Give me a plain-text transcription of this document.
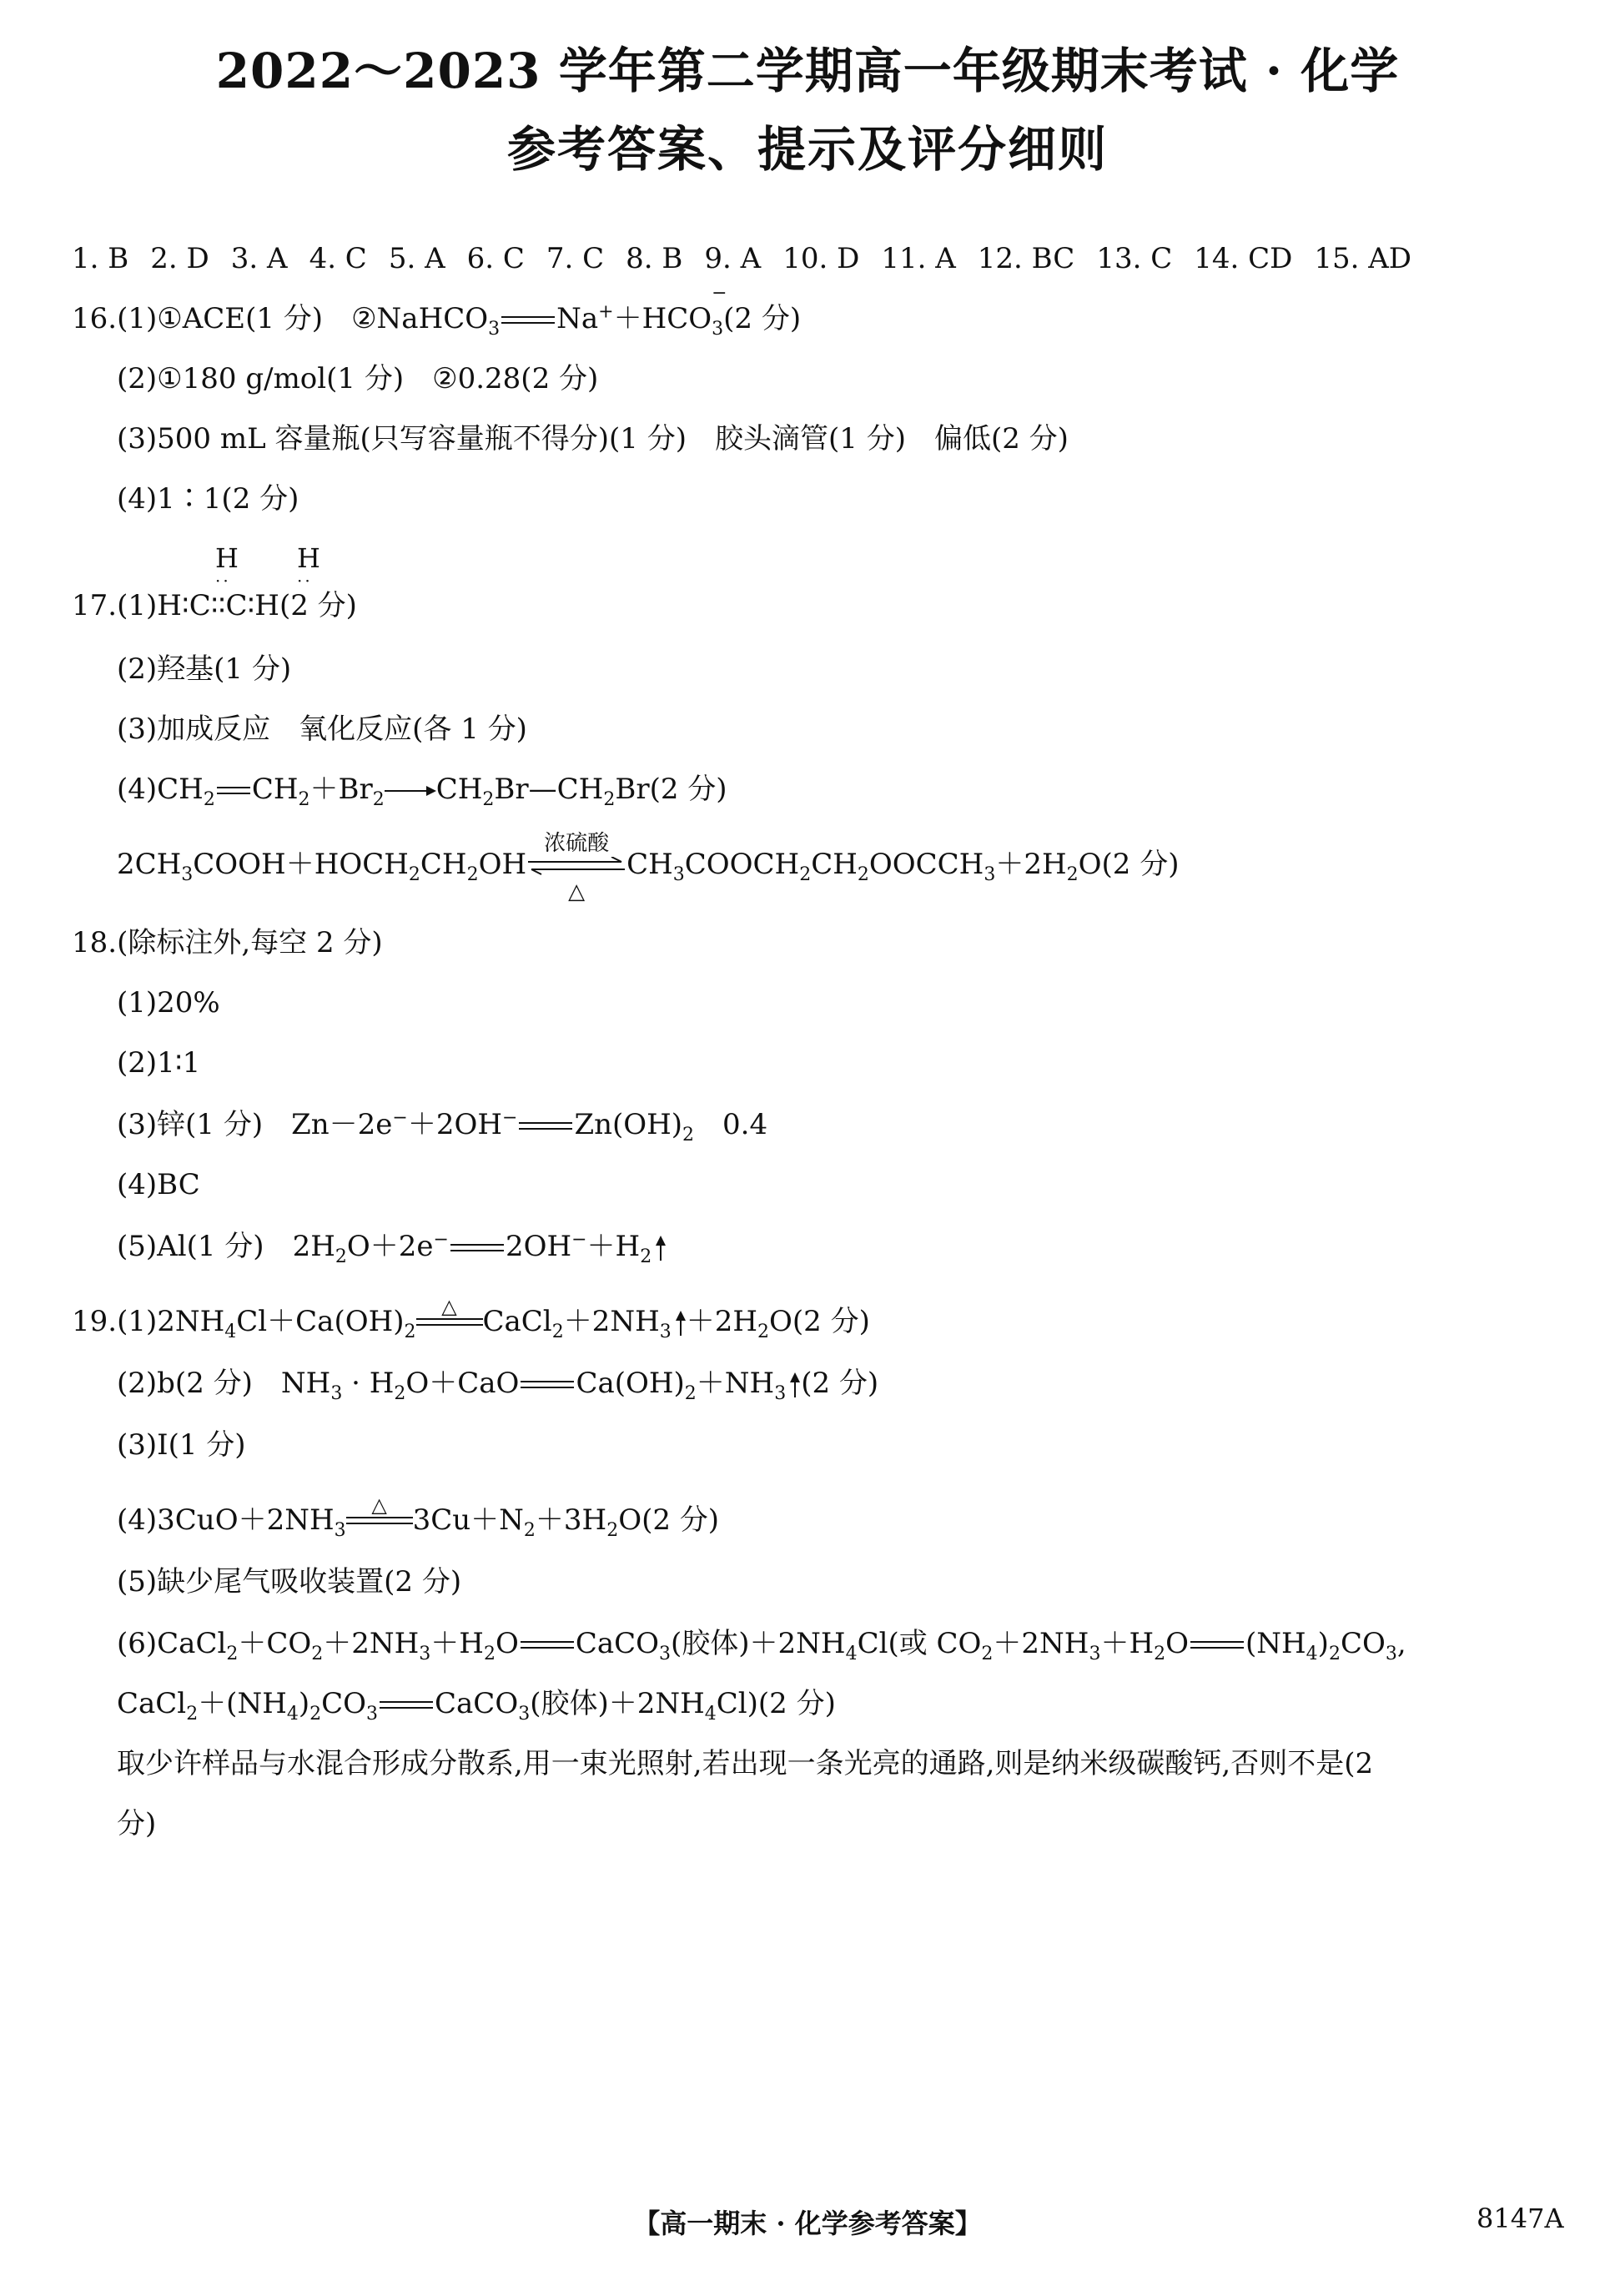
2022～2023 学年第二学期高一年级期末考试 · 化学
参考答案、提示及评分细则
1. B 2. D 3. A 4. C 5. A 6. C 7. C 8. B 9. A 10. D 11. A 12. BC 13. C 14. CD 15. AD
16.(1)①ACE(1 分) ②NaHCO$_3$ Na+＋HCO
$_{- 3}$(2 分)
(2)①180 g/mol(1 分) ②0.28(2 分)
(3)500 mL 容量瓶(只写容量瓶不得分)(1 分) 胶头滴管(1 分) 偏低(2 分)
(4)1∶1(2 分)
H H
··	··
17.(1)H∶C∶∶C∶H(2 分)
(2)羟基(1 分)
(3)加成反应 氧化反应(各 1 分)
$(4)CH_2$ $CH_2+Br_2$ $CH_2Br—CH_2Br(2$ 分)
$2CH_3COOH+HOCH_2CH_2OH$
浓硫酸
△
$CH_3COOCH_2CH_2OOCCH_3+2H_2O(2$ 分)
18.(除标注外,每空 2 分)
(1)20%
(2)1∶1
(3)锌(1 分) Zn－2e−＋2OH− $Zn(OH)_2$ 0.4
(4)BC
(5)Al(1 分) $2H_2O+2e^-$ $2OH^-+H_2$
$19.(1)2NH_4Cl+Ca(OH)_2$
△ $CaCl_2+2NH_3 +2H_2O(2$ 分)
(2)b(2 分) $NH_3 \cdot H_2O+CaO$ $Ca(OH)_2+NH_3$ (2 分)
(3)Ⅰ(1 分)
$(4)3CuO+2NH_3$
△ $3Cu+N_2+3H_2O(2$ 分)
(5)缺少尾气吸收装置(2 分)
$(6)CaCl_2+CO_2+2NH_3+H_2O$ CaCO$_3$(胶体)$+2NH_4Cl$(或 $CO_2+2NH_3+H_2O$ $(NH_4)_2CO_3$,
$CaCl_2+(NH_4)_2CO_3$ CaCO$_3$(胶体)$+2NH_4Cl)(2$ 分)
取少许样品与水混合形成分散系,用一束光照射,若出现一条光亮的通路,则是纳米级碳酸钙,否则不是(2
分)
【高一期末 · 化学参考答案】	8147A
